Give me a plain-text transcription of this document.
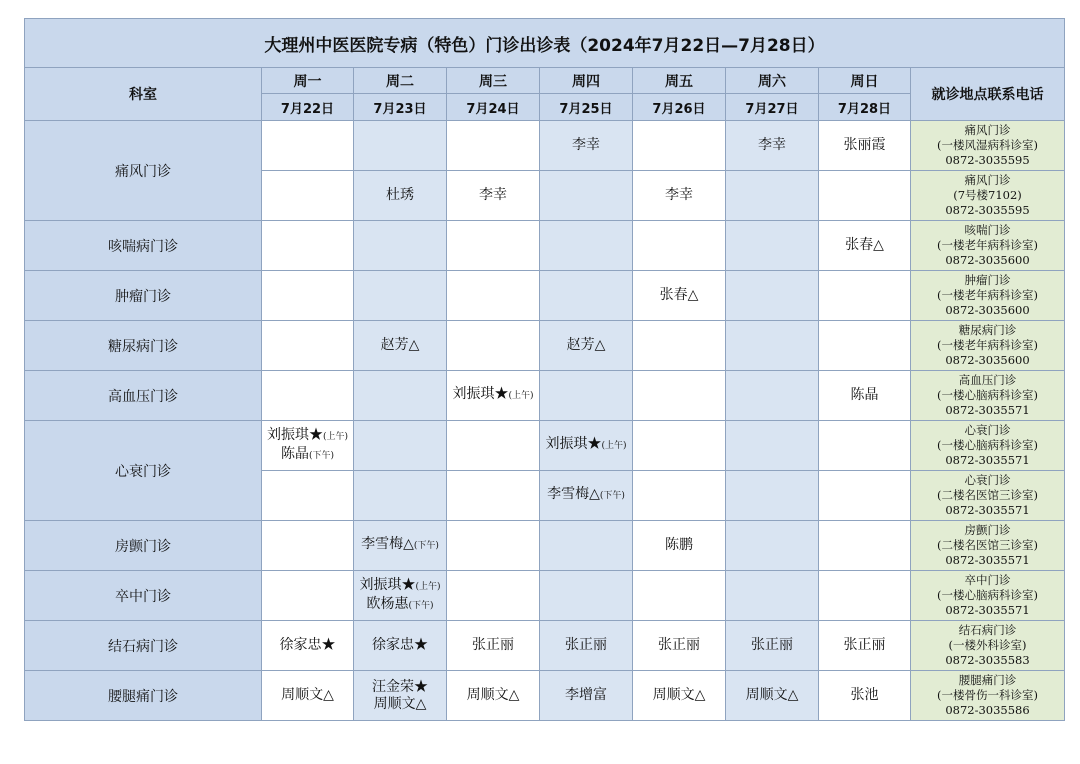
大理州中医医院专病（特色）门诊出诊表（2024年7月22日—7月28日）								
科室	周一	周二	周三	周四	周五	周六	周日	就诊地点联系电话
	7月22日	7月23日	7月24日	7月25日	7月26日	7月27日	7月28日	
痛风门诊				李幸		李幸	张丽霞	痛风门诊
(一楼风湿病科诊室)
0872-3035595

		杜琇	李幸		李幸			痛风门诊
(7号楼7102)
0872-3035595

咳喘病门诊							张春△	咳喘门诊
(一楼老年病科诊室)
0872-3035600

肿瘤门诊					张春△			肿瘤门诊
(一楼老年病科诊室)
0872-3035600

糖尿病门诊		赵芳△		赵芳△				糖尿病门诊
(一楼老年病科诊室)
0872-3035600

高血压门诊			刘振琪★(上午)				陈晶	高血压门诊
(一楼心脑病科诊室)
0872-3035571

心衰门诊	刘振琪★(上午)
陈晶(下午)			刘振琪★(上午)				心衰门诊
(一楼心脑病科诊室)
0872-3035571

				李雪梅△(下午)				心衰门诊
(二楼名医馆三诊室)
0872-3035571

房颤门诊		李雪梅△(下午)			陈鹏			房颤门诊
(二楼名医馆三诊室)
0872-3035571

卒中门诊		刘振琪★(上午)
欧杨惠(下午)						卒中门诊
(一楼心脑病科诊室)
0872-3035571

结石病门诊	徐家忠★	徐家忠★	张正丽	张正丽	张正丽	张正丽	张正丽	结石病门诊
(一楼外科诊室)
0872-3035583

腰腿痛门诊	周顺文△	汪金荣★
周顺文△	周顺文△	李增富	周顺文△	周顺文△	张池	腰腿痛门诊
(一楼骨伤一科诊室)
0872-3035586
